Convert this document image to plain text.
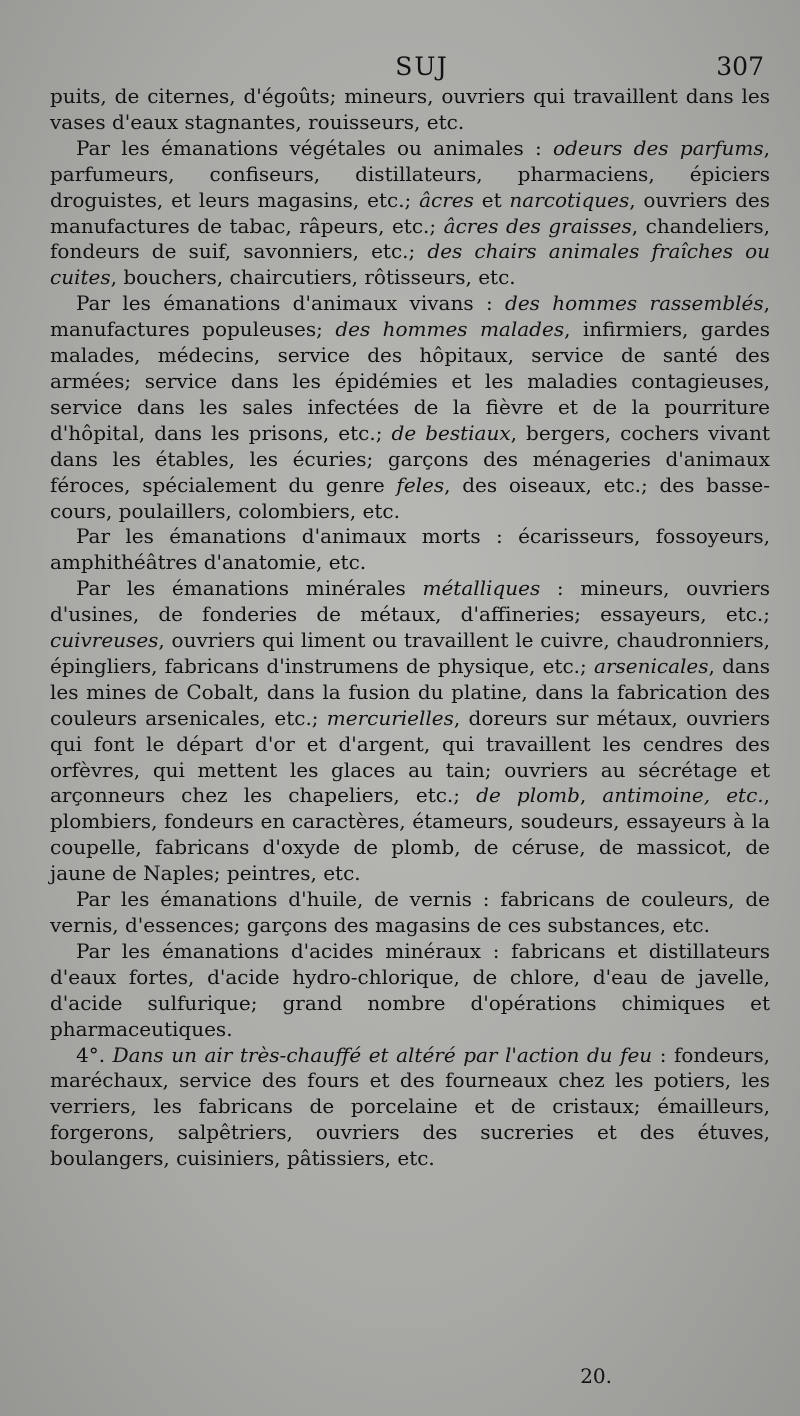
SUJ	307

puits, de citernes, d'égoûts; mineurs, ouvriers qui travaillent dans les vases d'eaux stagnantes, rouisseurs, etc.

Par les émanations végétales ou animales : odeurs des parfums, parfumeurs, confiseurs, distillateurs, pharmaciens, épiciers droguistes, et leurs magasins, etc.; âcres et narcotiques, ouvriers des manufactures de tabac, râpeurs, etc.; âcres des graisses, chandeliers, fondeurs de suif, savonniers, etc.; des chairs animales fraîches ou cuites, bouchers, chaircutiers, rôtisseurs, etc.

Par les émanations d'animaux vivans : des hommes rassemblés, manufactures populeuses; des hommes malades, infirmiers, gardes malades, médecins, service des hôpitaux, service de santé des armées; service dans les épidémies et les maladies contagieuses, service dans les sales infectées de la fièvre et de la pourriture d'hôpital, dans les prisons, etc.; de bestiaux, bergers, cochers vivant dans les étables, les écuries; garçons des ménageries d'animaux féroces, spécialement du genre feles, des oiseaux, etc.; des basse-cours, poulaillers, colombiers, etc.

Par les émanations d'animaux morts : écarisseurs, fossoyeurs, amphithéâtres d'anatomie, etc.

Par les émanations minérales métalliques : mineurs, ouvriers d'usines, de fonderies de métaux, d'affineries; essayeurs, etc.; cuivreuses, ouvriers qui liment ou travaillent le cuivre, chaudronniers, épingliers, fabricans d'instrumens de physique, etc.; arsenicales, dans les mines de Cobalt, dans la fusion du platine, dans la fabrication des couleurs arsenicales, etc.; mercurielles, doreurs sur métaux, ouvriers qui font le départ d'or et d'argent, qui travaillent les cendres des orfèvres, qui mettent les glaces au tain; ouvriers au sécrétage et arçonneurs chez les chapeliers, etc.; de plomb, antimoine, etc., plombiers, fondeurs en caractères, étameurs, soudeurs, essayeurs à la coupelle, fabricans d'oxyde de plomb, de céruse, de massicot, de jaune de Naples; peintres, etc.

Par les émanations d'huile, de vernis : fabricans de couleurs, de vernis, d'essences; garçons des magasins de ces substances, etc.

Par les émanations d'acides minéraux : fabricans et distillateurs d'eaux fortes, d'acide hydro-chlorique, de chlore, d'eau de javelle, d'acide sulfurique; grand nombre d'opérations chimiques et pharmaceutiques.

4°. Dans un air très-chauffé et altéré par l'action du feu : fondeurs, maréchaux, service des fours et des fourneaux chez les potiers, les verriers, les fabricans de porcelaine et de cristaux; émailleurs, forgerons, salpêtriers, ouvriers des sucreries et des étuves, boulangers, cuisiniers, pâtissiers, etc.

20.
